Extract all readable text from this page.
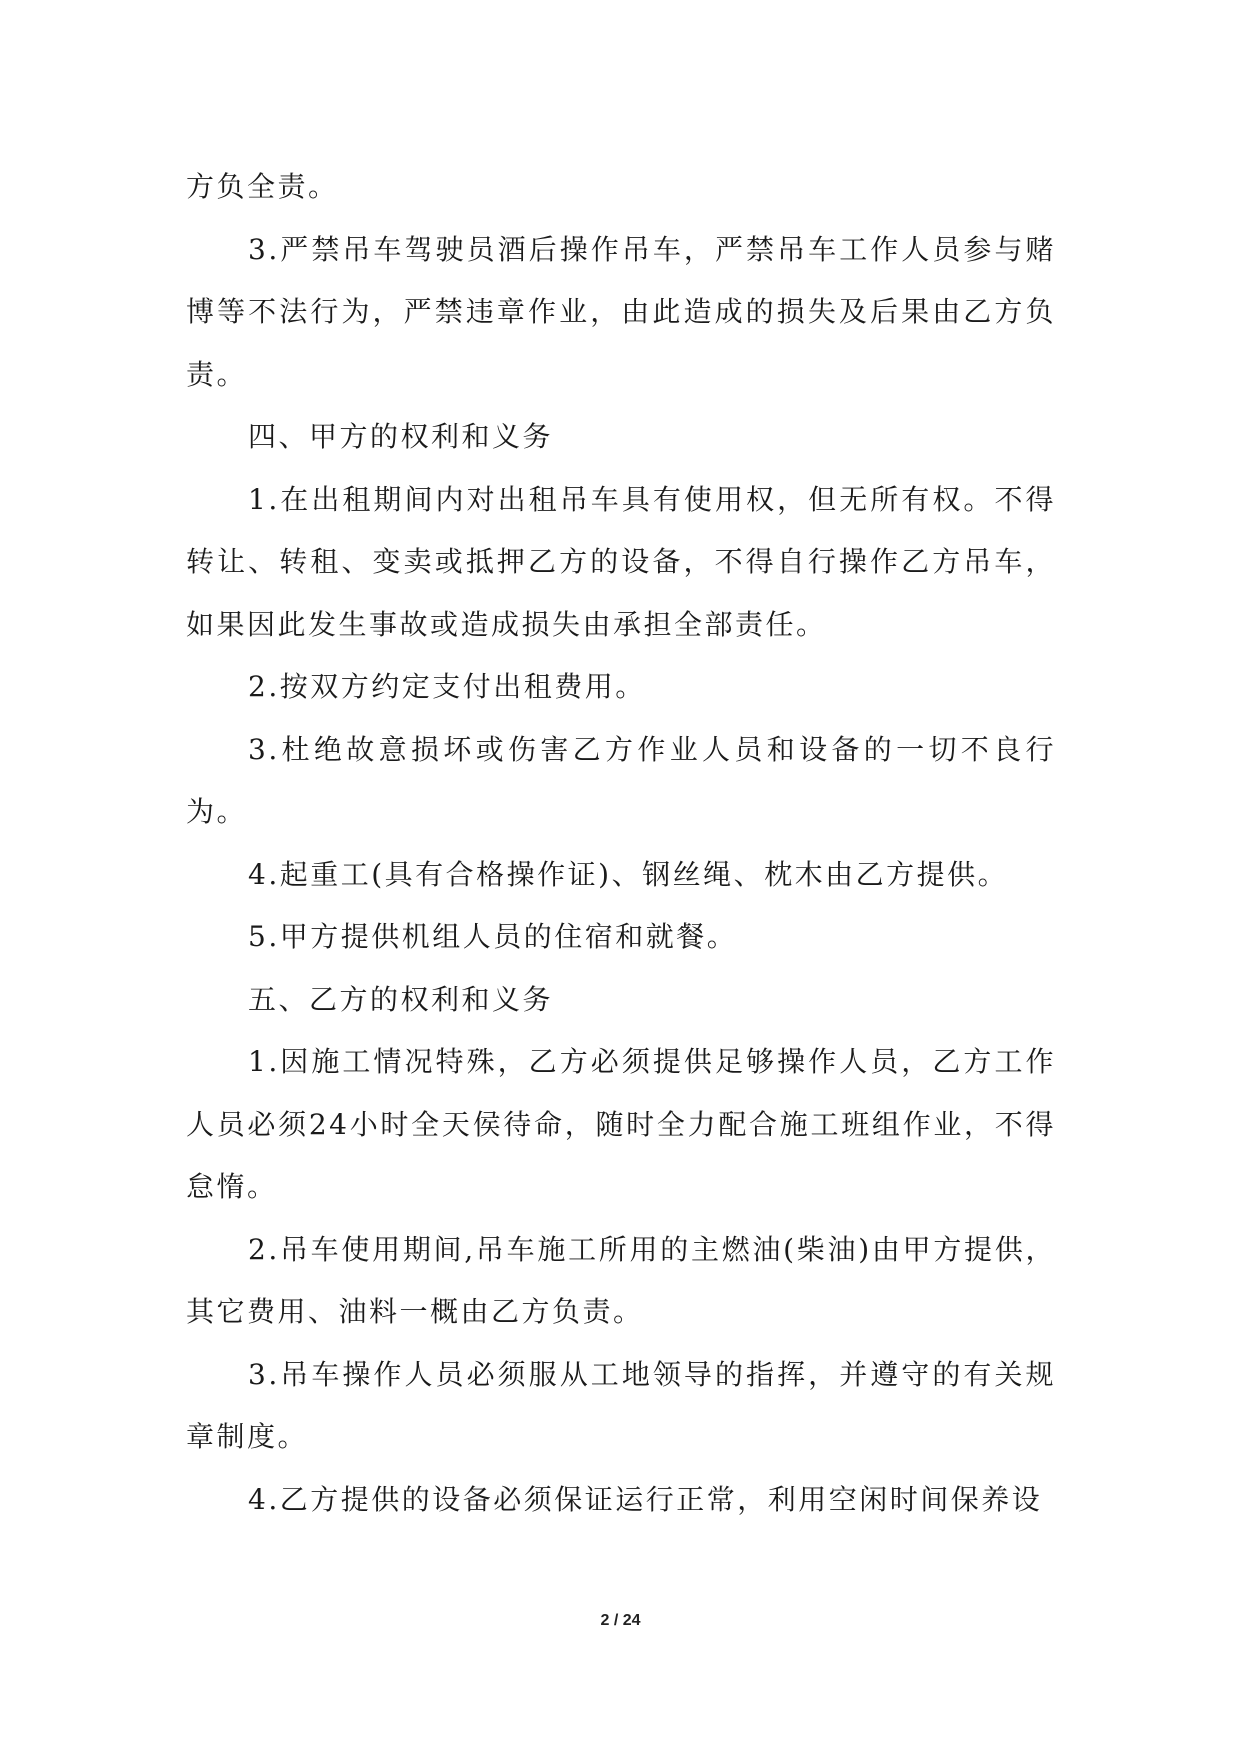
方负全责。

3.严禁吊车驾驶员酒后操作吊车，严禁吊车工作人员参与赌博等不法行为，严禁违章作业，由此造成的损失及后果由乙方负责。

四、甲方的权利和义务

1.在出租期间内对出租吊车具有使用权，但无所有权。不得转让、转租、变卖或抵押乙方的设备，不得自行操作乙方吊车，如果因此发生事故或造成损失由承担全部责任。

2.按双方约定支付出租费用。

3.杜绝故意损坏或伤害乙方作业人员和设备的一切不良行为。

4.起重工(具有合格操作证)、钢丝绳、枕木由乙方提供。

5.甲方提供机组人员的住宿和就餐。

五、乙方的权利和义务

1.因施工情况特殊，乙方必须提供足够操作人员，乙方工作人员必须24小时全天侯待命，随时全力配合施工班组作业，不得怠惰。

2.吊车使用期间,吊车施工所用的主燃油(柴油)由甲方提供，其它费用、油料一概由乙方负责。

3.吊车操作人员必须服从工地领导的指挥，并遵守的有关规章制度。

4.乙方提供的设备必须保证运行正常，利用空闲时间保养设

2 / 24
